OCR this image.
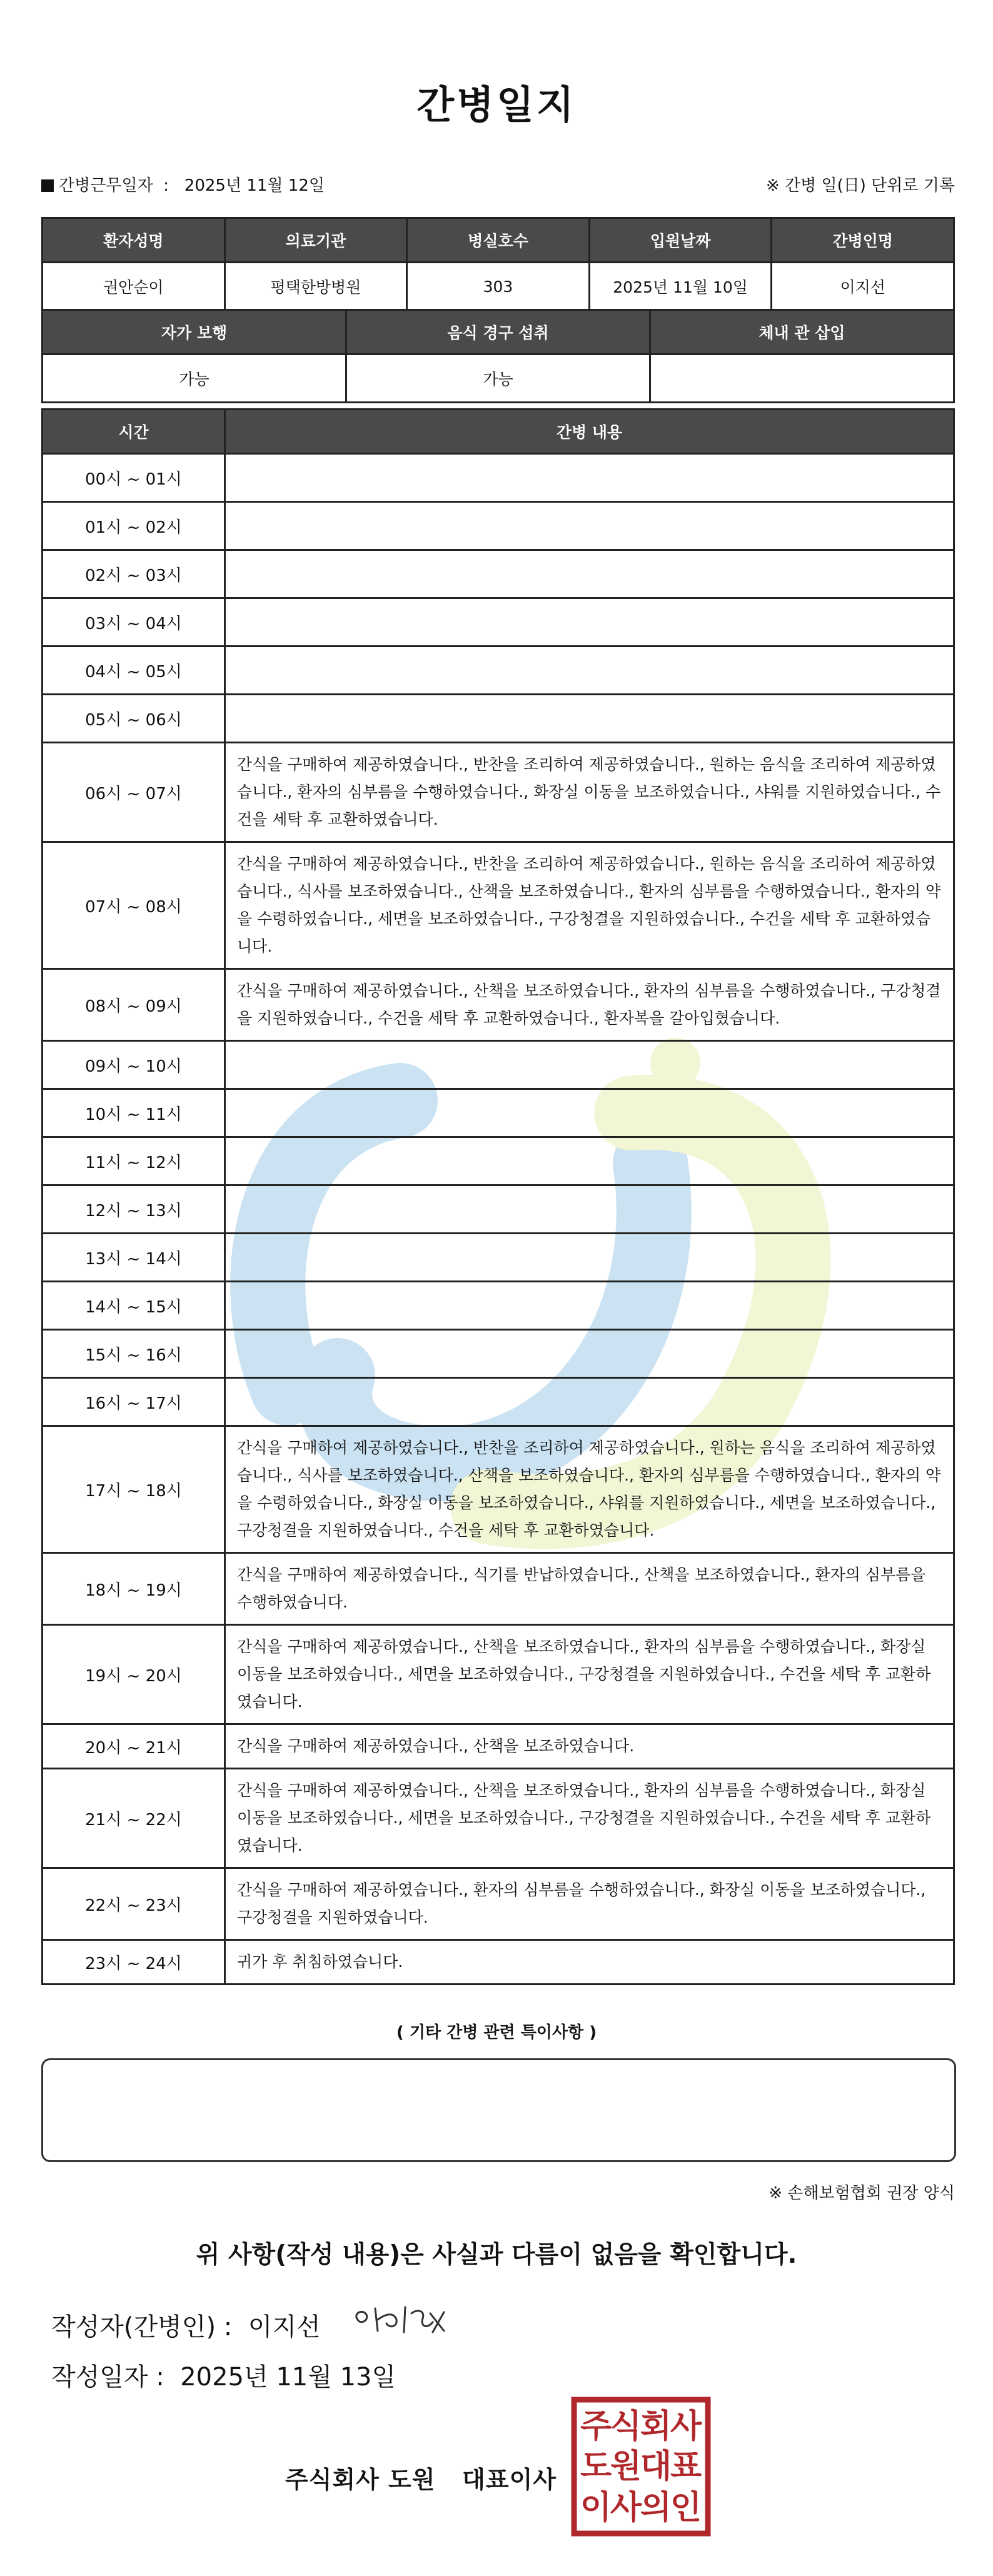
간병일지
간병근무일자  :   2025년 11월 12일	※ 간병 일(日) 단위로 기록
환자성명	의료기관	병실호수	입원날짜	간병인명
권안순이	평택한방병원	303	2025년 11월 10일	이지선
자가 보행	음식 경구 섭취	체내 관 삽입
가능	가능	
시간	간병 내용
00시 ~ 01시	
01시 ~ 02시	
02시 ~ 03시	
03시 ~ 04시	
04시 ~ 05시	
05시 ~ 06시	
06시 ~ 07시	간식을 구매하여 제공하였습니다., 반찬을 조리하여 제공하였습니다., 원하는 음식을 조리하여 제공하였습니다., 환자의 심부름을 수행하였습니다., 화장실 이동을 보조하였습니다., 샤워를 지원하였습니다., 수건을 세탁 후 교환하였습니다.
07시 ~ 08시	간식을 구매하여 제공하였습니다., 반찬을 조리하여 제공하였습니다., 원하는 음식을 조리하여 제공하였습니다., 식사를 보조하였습니다., 산책을 보조하였습니다., 환자의 심부름을 수행하였습니다., 환자의 약을 수령하였습니다., 세면을 보조하였습니다., 구강청결을 지원하였습니다., 수건을 세탁 후 교환하였습니다.
08시 ~ 09시	간식을 구매하여 제공하였습니다., 산책을 보조하였습니다., 환자의 심부름을 수행하였습니다., 구강청결을 지원하였습니다., 수건을 세탁 후 교환하였습니다., 환자복을 갈아입혔습니다.
09시 ~ 10시	
10시 ~ 11시	
11시 ~ 12시	
12시 ~ 13시	
13시 ~ 14시	
14시 ~ 15시	
15시 ~ 16시	
16시 ~ 17시	
17시 ~ 18시	간식을 구매하여 제공하였습니다., 반찬을 조리하여 제공하였습니다., 원하는 음식을 조리하여 제공하였습니다., 식사를 보조하였습니다., 산책을 보조하였습니다., 환자의 심부름을 수행하였습니다., 환자의 약을 수령하였습니다., 화장실 이동을 보조하였습니다., 샤워를 지원하였습니다., 세면을 보조하였습니다., 구강청결을 지원하였습니다., 수건을 세탁 후 교환하였습니다.
18시 ~ 19시	간식을 구매하여 제공하였습니다., 식기를 반납하였습니다., 산책을 보조하였습니다., 환자의 심부름을 수행하였습니다.
19시 ~ 20시	간식을 구매하여 제공하였습니다., 산책을 보조하였습니다., 환자의 심부름을 수행하였습니다., 화장실 이동을 보조하였습니다., 세면을 보조하였습니다., 구강청결을 지원하였습니다., 수건을 세탁 후 교환하였습니다.
20시 ~ 21시	간식을 구매하여 제공하였습니다., 산책을 보조하였습니다.
21시 ~ 22시	간식을 구매하여 제공하였습니다., 산책을 보조하였습니다., 환자의 심부름을 수행하였습니다., 화장실 이동을 보조하였습니다., 세면을 보조하였습니다., 구강청결을 지원하였습니다., 수건을 세탁 후 교환하였습니다.
22시 ~ 23시	간식을 구매하여 제공하였습니다., 환자의 심부름을 수행하였습니다., 화장실 이동을 보조하였습니다., 구강청결을 지원하였습니다.
23시 ~ 24시	귀가 후 취침하였습니다.
( 기타 간병 관련 특이사항 )
※ 손해보험협회 권장 양식
위 사항(작성 내용)은 사실과 다름이 없음을 확인합니다.
작성자(간병인) : 이지선
작성일자 : 2025년 11월 13일
주식회사 도원   대표이사
주
식
회
사
도
원
대
표
이
사
의
인
